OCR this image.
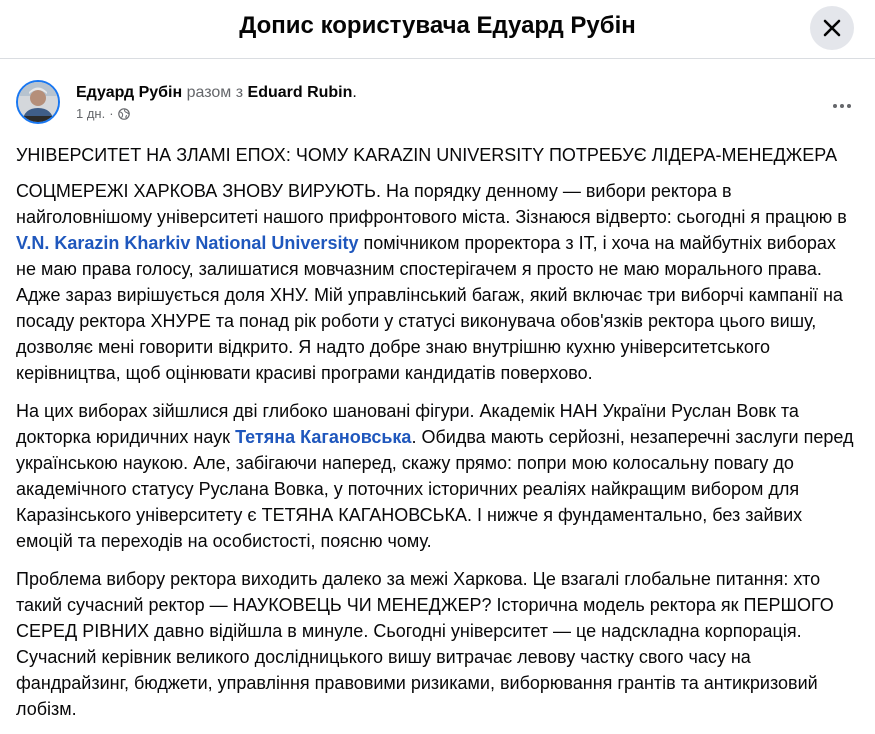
Допис користувача Едуард Рубін
Едуард Рубін разом з Eduard Rubin.
1 дн. ·

УНІВЕРСИТЕТ НА ЗЛАМІ ЕПОХ: ЧОМУ KARAZIN UNIVERSITY ПОТРЕБУЄ ЛІДЕРА-МЕНЕДЖЕРА

СОЦМЕРЕЖІ ХАРКОВА ЗНОВУ ВИРУЮТЬ. На порядку денному — вибори ректора в найголовнішому університеті нашого прифронтового міста. Зізнаюся відверто: сьогодні я працюю в V.N. Karazin Kharkiv National University помічником проректора з IT, і хоча на майбутніх виборах не маю права голосу, залишатися мовчазним спостерігачем я просто не маю морального права. Адже зараз вирішується доля ХНУ. Мій управлінський багаж, який включає три виборчі кампанії на посаду ректора ХНУРЕ та понад рік роботи у статусі виконувача обов'язків ректора цього вишу, дозволяє мені говорити відкрито. Я надто добре знаю внутрішню кухню університетського керівництва, щоб оцінювати красиві програми кандидатів поверхово.

На цих виборах зійшлися дві глибоко шановані фігури. Академік НАН України Руслан Вовк та докторка юридичних наук Тетяна Кагановська. Обидва мають серйозні, незаперечні заслуги перед українською наукою. Але, забігаючи наперед, скажу прямо: попри мою колосальну повагу до академічного статусу Руслана Вовка, у поточних історичних реаліях найкращим вибором для Каразінського університету є ТЕТЯНА КАГАНОВСЬКА. І нижче я фундаментально, без зайвих емоцій та переходів на особистості, поясню чому.

Проблема вибору ректора виходить далеко за межі Харкова. Це взагалі глобальне питання: хто такий сучасний ректор — НАУКОВЕЦЬ ЧИ МЕНЕДЖЕР? Історична модель ректора як ПЕРШОГО СЕРЕД РІВНИХ давно відійшла в минуле. Сьогодні університет — це надскладна корпорація. Сучасний керівник великого дослідницького вишу витрачає левову частку свого часу на фандрайзинг, бюджети, управління правовими ризиками, виборювання грантів та антикризовий лобізм.
